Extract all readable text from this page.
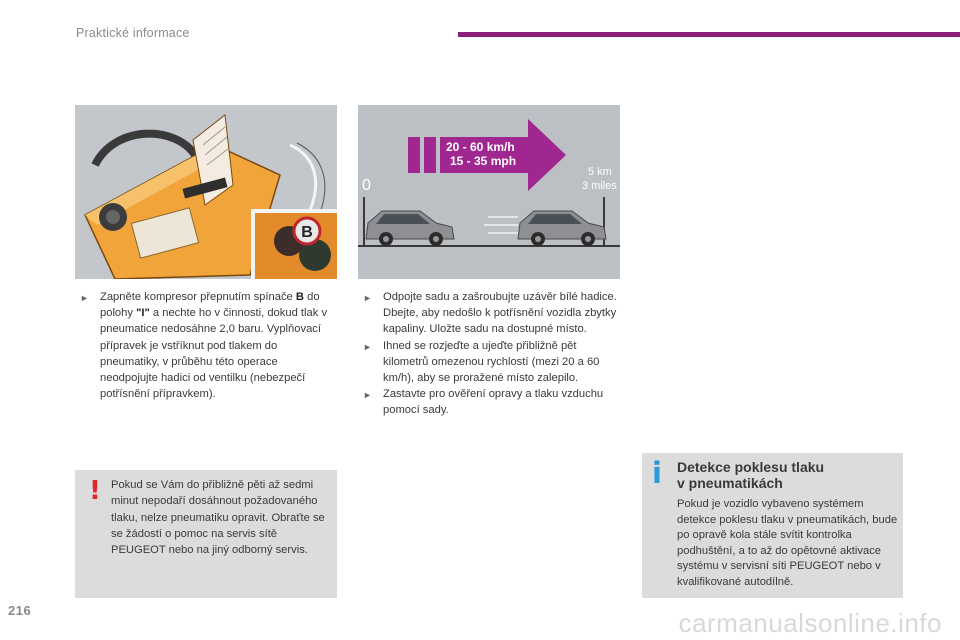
Praktické informace
B
20 - 60 km/h
15 - 35 mph
0
5 km
3 miles
► Zapněte kompresor přepnutím spínače B do polohy "I" a nechte ho v činnosti, dokud tlak v pneumatice nedosáhne 2,0 baru. Vyplňovací přípravek je vstříknut pod tlakem do pneumatiky, v průběhu této operace neodpojujte hadici od ventilku (nebezpečí potřísnění přípravkem).

► Odpojte sadu a zašroubujte uzávěr bílé hadice.

Dbejte, aby nedošlo k potřísnění vozidla zbytky kapaliny. Uložte sadu na dostupné místo.

► Ihned se rozjeďte a ujeďte přibližně pět kilometrů omezenou rychlostí (mezi 20 a 60 km/h), aby se proražené místo zalepilo.

► Zastavte pro ověření opravy a tlaku vzduchu pomocí sady.

! Pokud se Vám do přibližně pěti až sedmi minut nepodaří dosáhnout požadovaného tlaku, nelze pneumatiku opravit. Obraťte se se žádostí o pomoc na servis sítě PEUGEOT nebo na jiný odborný servis.
i Detekce poklesu tlaku
v pneumatikách
Pokud je vozidlo vybaveno systémem detekce poklesu tlaku v pneumatikách, bude po opravě kola stále svítit kontrolka podhuštění, a to až do opětovné aktivace systému v servisní síti PEUGEOT nebo v kvalifikované autodílně.
216	carmanualsonline.info
